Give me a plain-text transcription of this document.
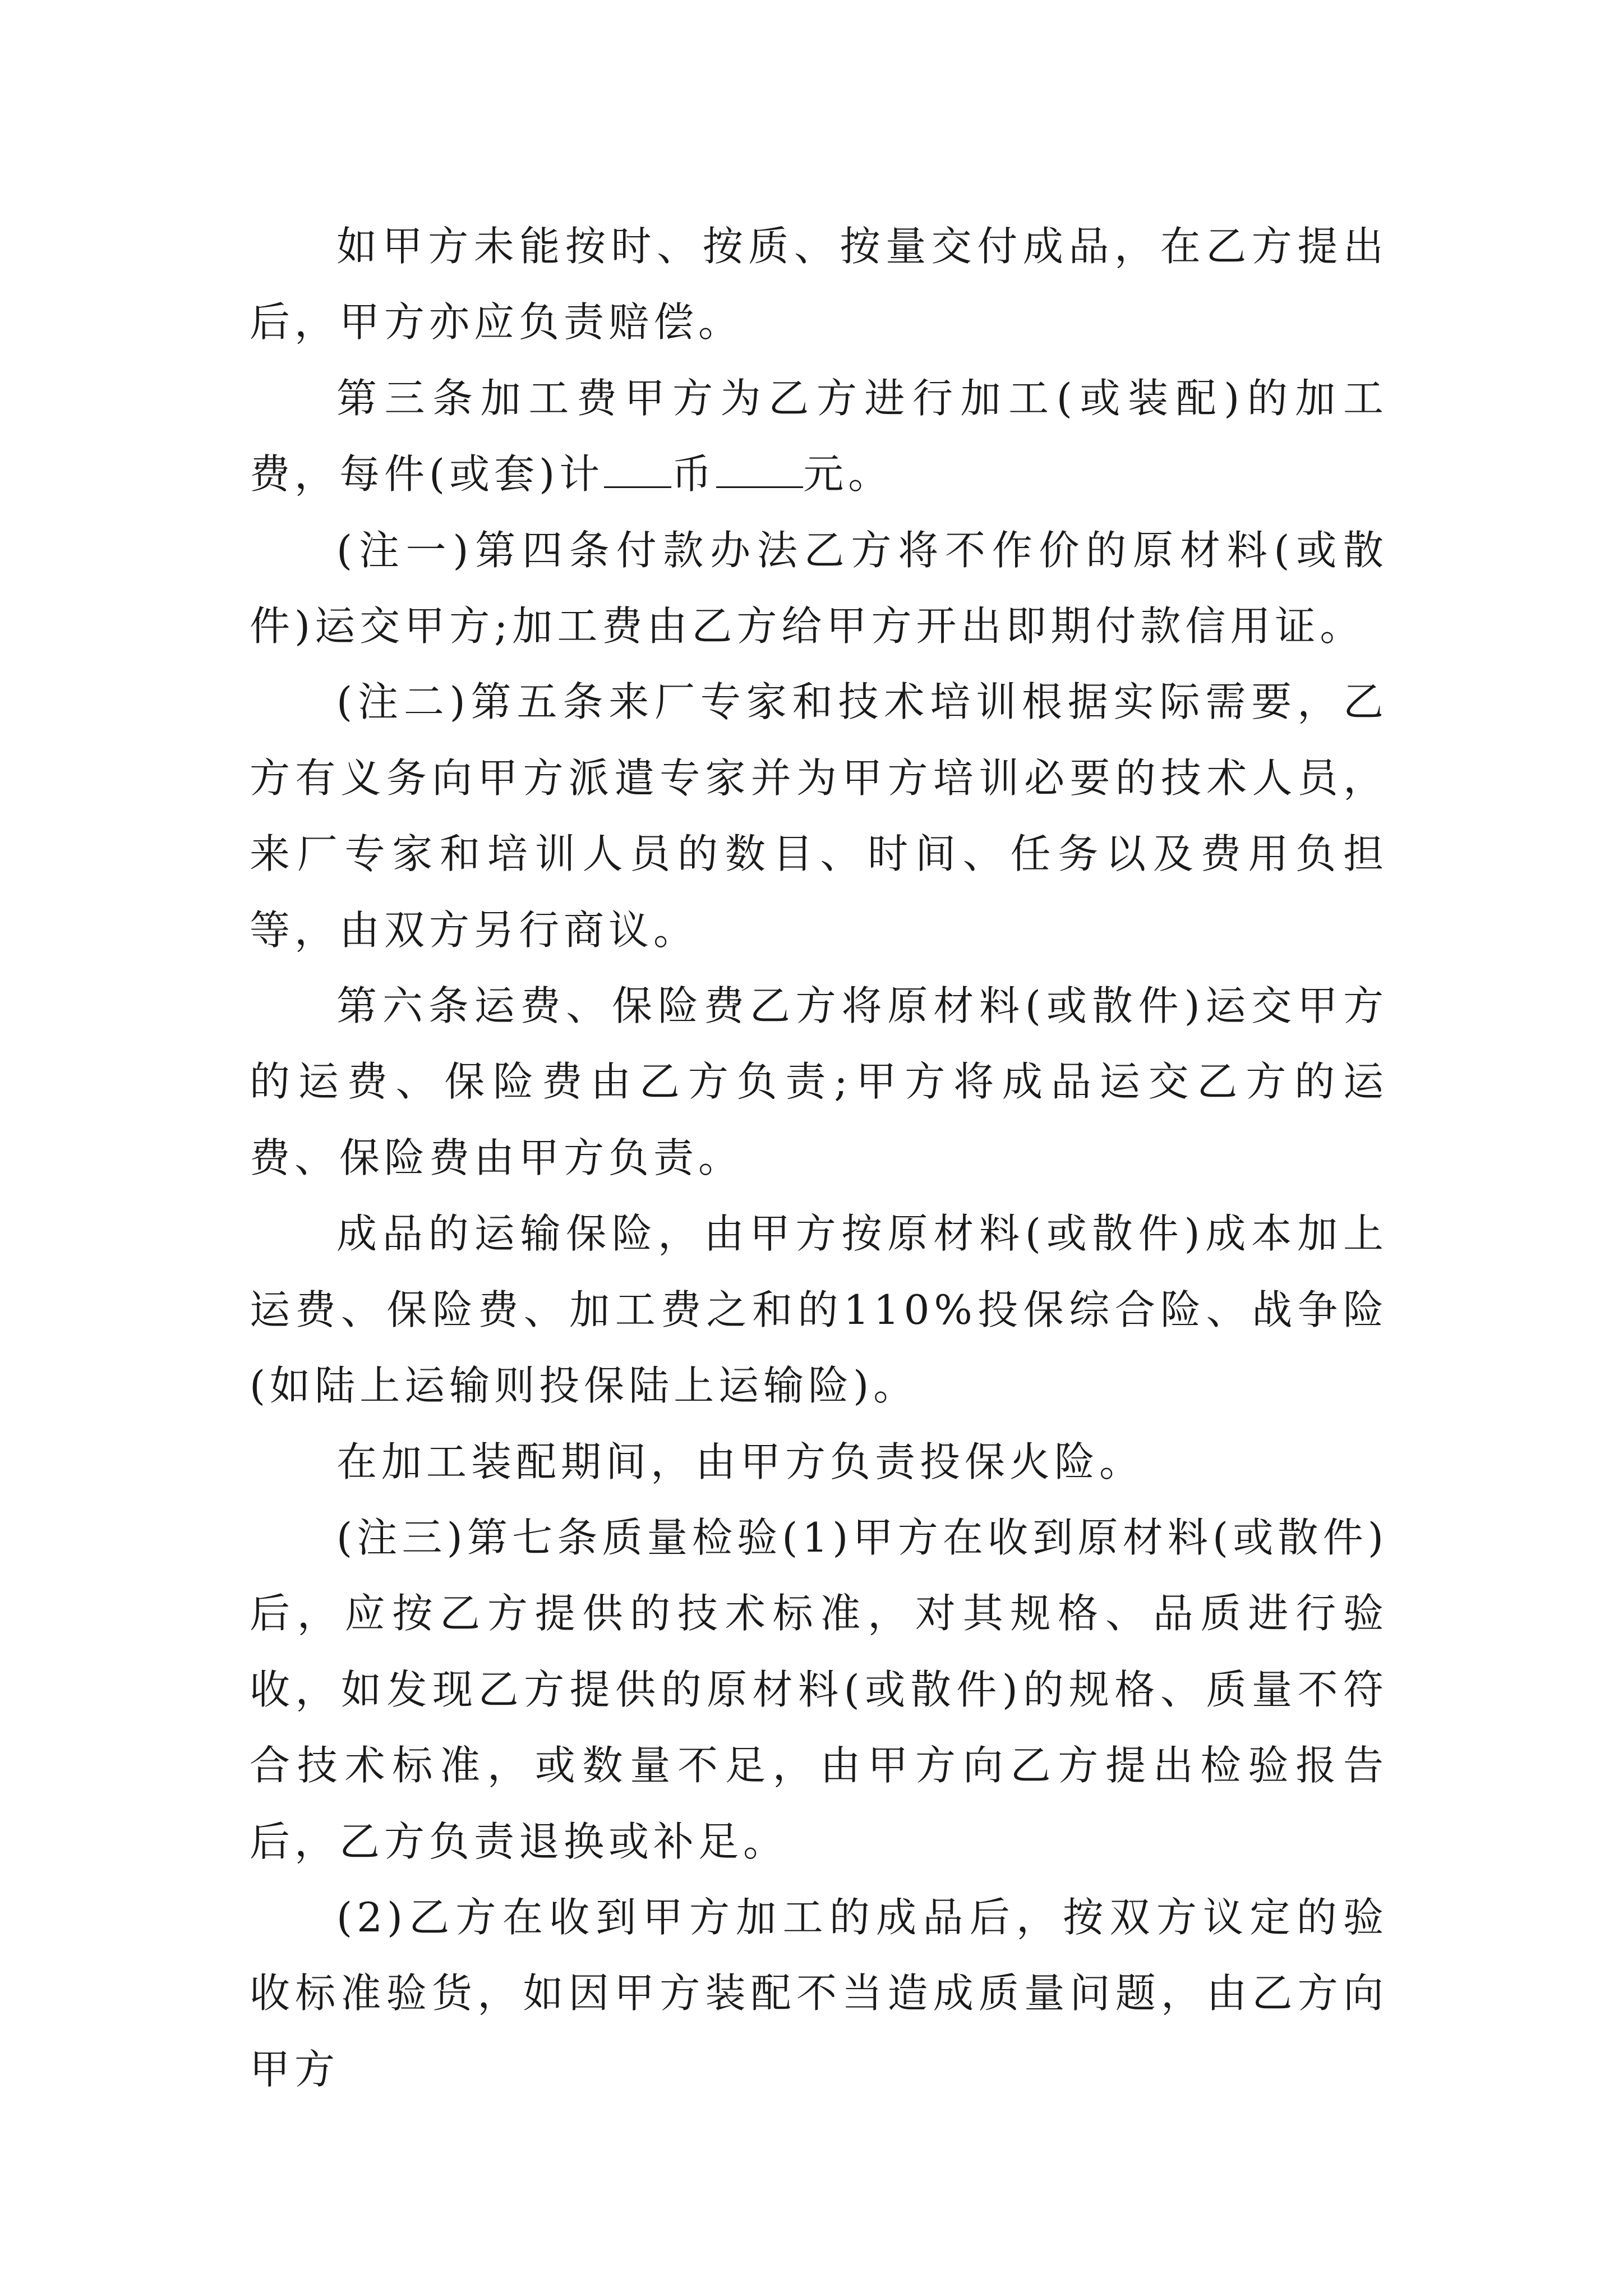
如甲方未能按时、按质、按量交付成品，在乙方提出后，甲方亦应负责赔偿。

第三条加工费甲方为乙方进行加工(或装配)的加工费，每件(或套)计 币 元。

(注一)第四条付款办法乙方将不作价的原材料(或散件)运交甲方;加工费由乙方给甲方开出即期付款信用证。

(注二)第五条来厂专家和技术培训根据实际需要，乙方有义务向甲方派遣专家并为甲方培训必要的技术人员，来厂专家和培训人员的数目、时间、任务以及费用负担等，由双方另行商议。

第六条运费、保险费乙方将原材料(或散件)运交甲方的运费、保险费由乙方负责;甲方将成品运交乙方的运费、保险费由甲方负责。

成品的运输保险，由甲方按原材料(或散件)成本加上运费、保险费、加工费之和的110%投保综合险、战争险(如陆上运输则投保陆上运输险)。

在加工装配期间，由甲方负责投保火险。

(注三)第七条质量检验(1)甲方在收到原材料(或散件)后，应按乙方提供的技术标准，对其规格、品质进行验收，如发现乙方提供的原材料(或散件)的规格、质量不符合技术标准，或数量不足，由甲方向乙方提出检验报告后，乙方负责退换或补足。

(2)乙方在收到甲方加工的成品后，按双方议定的验收标准验货，如因甲方装配不当造成质量问题，由乙方向甲方
